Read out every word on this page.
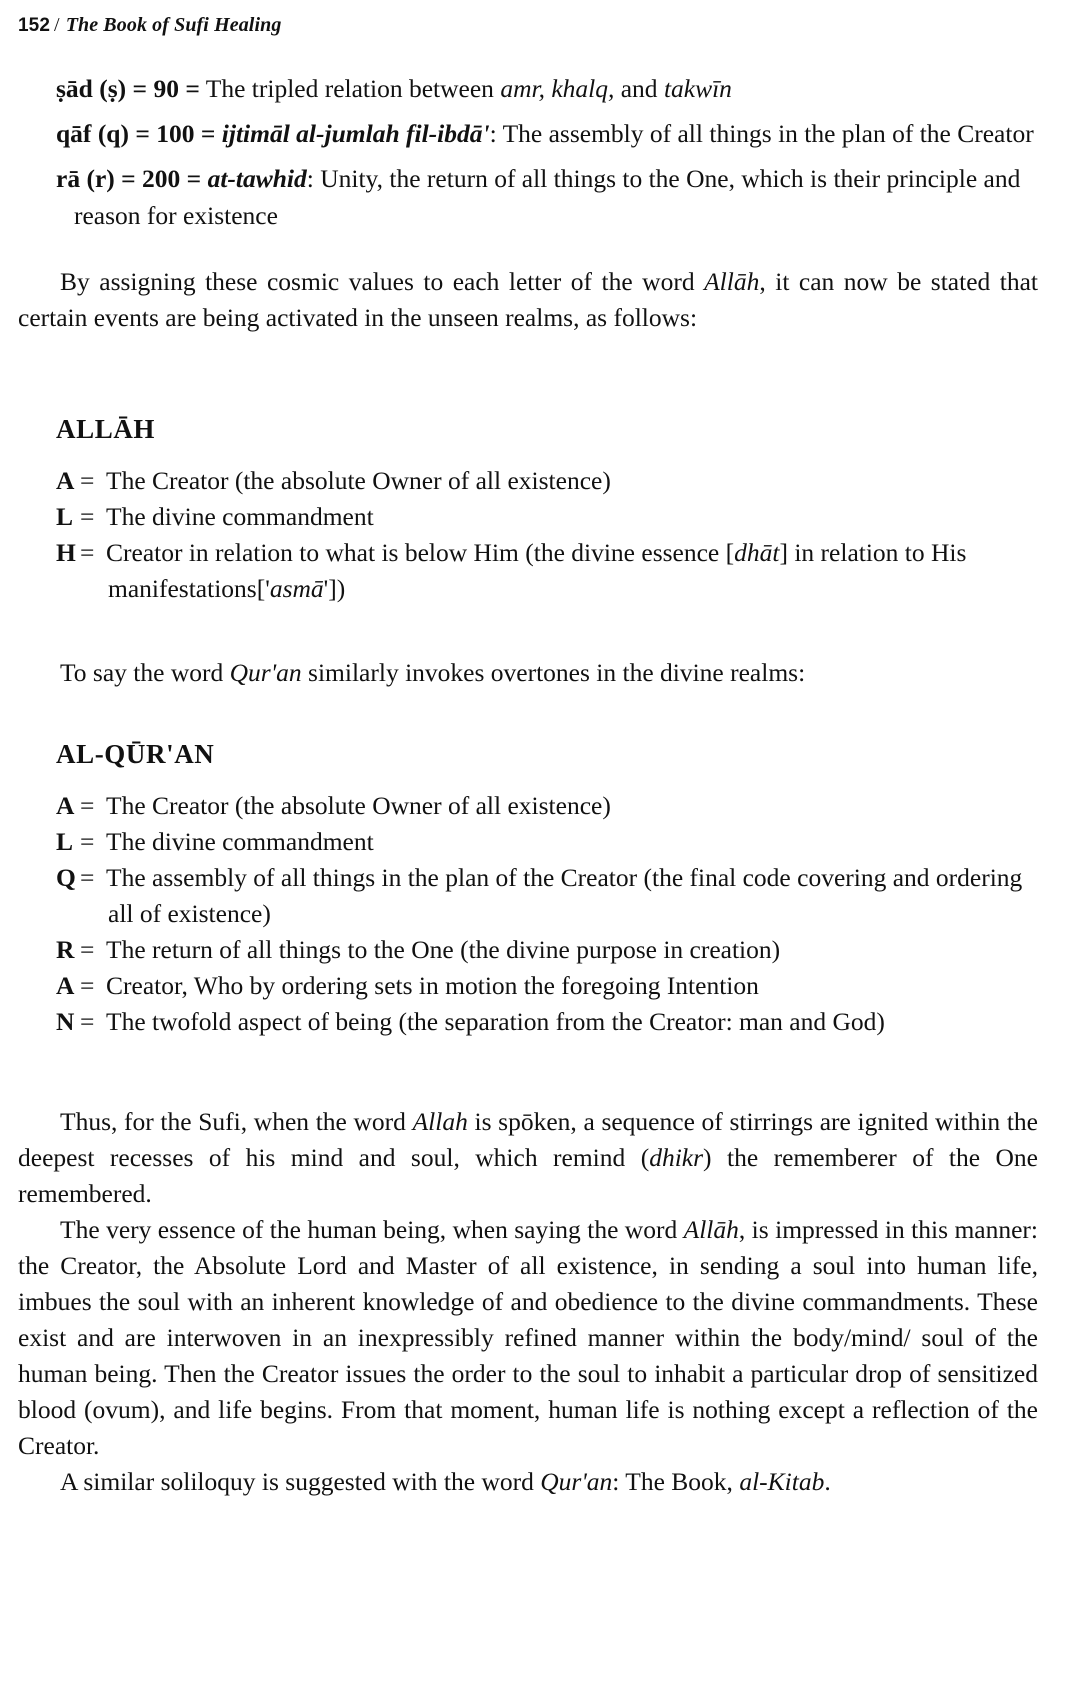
152 / The Book of Sufi Healing
ṣād (ṣ) = 90 = The tripled relation between amr, khalq, and takwīn
qāf (q) = 100 = ijtimāl al-jumlah fil-ibdā': The assembly of all things in the plan of the Creator
rā (r) = 200 = at-tawhid: Unity, the return of all things to the One, which is their principle and reason for existence

By assigning these cosmic values to each letter of the word Allāh, it can now be stated that certain events are being activated in the unseen realms, as follows:

ALLĀH
A = The Creator (the absolute Owner of all existence)
L = The divine commandment
H = Creator in relation to what is below Him (the divine essence [dhāt] in relation to His manifestations['asmā'])

To say the word Qur'an similarly invokes overtones in the divine realms:

AL-QŪR'AN
A = The Creator (the absolute Owner of all existence)
L = The divine commandment
Q = The assembly of all things in the plan of the Creator (the final code covering and ordering all of existence)
R = The return of all things to the One (the divine purpose in creation)
A = Creator, Who by ordering sets in motion the foregoing Intention
N = The twofold aspect of being (the separation from the Creator: man and God)

Thus, for the Sufi, when the word Allah is spōken, a sequence of stirrings are ignited within the deepest recesses of his mind and soul, which remind (dhikr) the rememberer of the One remembered.

The very essence of the human being, when saying the word Allāh, is impressed in this manner: the Creator, the Absolute Lord and Master of all existence, in sending a soul into human life, imbues the soul with an inherent knowledge of and obedience to the divine commandments. These exist and are interwoven in an inexpressibly refined manner within the body/mind/ soul of the human being. Then the Creator issues the order to the soul to inhabit a particular drop of sensitized blood (ovum), and life begins. From that moment, human life is nothing except a reflection of the Creator.

A similar soliloquy is suggested with the word Qur'an: The Book, al-Kitab.
